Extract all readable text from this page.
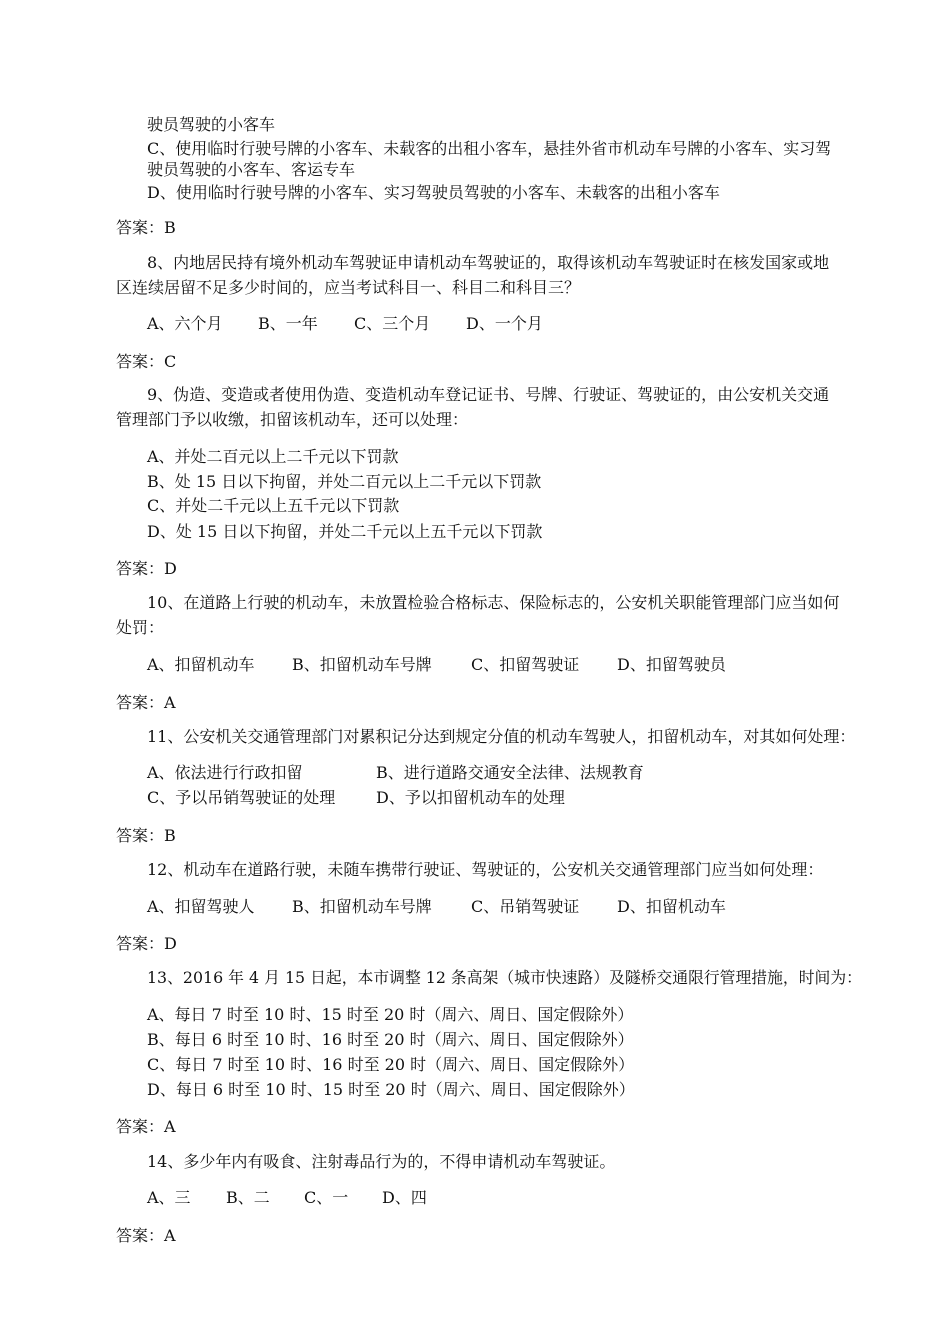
驶员驾驶的小客车
C、使用临时行驶号牌的小客车、未载客的出租小客车，悬挂外省市机动车号牌的小客车、实习驾
驶员驾驶的小客车、客运专车
D、使用临时行驶号牌的小客车、实习驾驶员驾驶的小客车、未载客的出租小客车
答案：B
8、内地居民持有境外机动车驾驶证申请机动车驾驶证的，取得该机动车驾驶证时在核发国家或地
区连续居留不足多少时间的，应当考试科目一、科目二和科目三？
A、六个月 B、一年 C、三个月 D、一个月
答案：C
9、伪造、变造或者使用伪造、变造机动车登记证书、号牌、行驶证、驾驶证的，由公安机关交通
管理部门予以收缴，扣留该机动车，还可以处理：
A、并处二百元以上二千元以下罚款
B、处 15 日以下拘留，并处二百元以上二千元以下罚款
C、并处二千元以上五千元以下罚款
D、处 15 日以下拘留，并处二千元以上五千元以下罚款
答案：D
10、在道路上行驶的机动车，未放置检验合格标志、保险标志的，公安机关职能管理部门应当如何
处罚：
A、扣留机动车 B、扣留机动车号牌 C、扣留驾驶证 D、扣留驾驶员
答案：A
11、公安机关交通管理部门对累积记分达到规定分值的机动车驾驶人，扣留机动车，对其如何处理：
A、依法进行行政扣留	B、进行道路交通安全法律、法规教育
C、予以吊销驾驶证的处理	D、予以扣留机动车的处理
答案：B
12、机动车在道路行驶，未随车携带行驶证、驾驶证的，公安机关交通管理部门应当如何处理：
A、扣留驾驶人 B、扣留机动车号牌 C、吊销驾驶证 D、扣留机动车
答案：D
13、2016 年 4 月 15 日起，本市调整 12 条高架（城市快速路）及隧桥交通限行管理措施，时间为：
A、每日 7 时至 10 时、15 时至 20 时（周六、周日、国定假除外）
B、每日 6 时至 10 时、16 时至 20 时（周六、周日、国定假除外）
C、每日 7 时至 10 时、16 时至 20 时（周六、周日、国定假除外）
D、每日 6 时至 10 时、15 时至 20 时（周六、周日、国定假除外）
答案：A
14、多少年内有吸食、注射毒品行为的，不得申请机动车驾驶证。
A、三 B、二 C、一 D、四
答案：A
